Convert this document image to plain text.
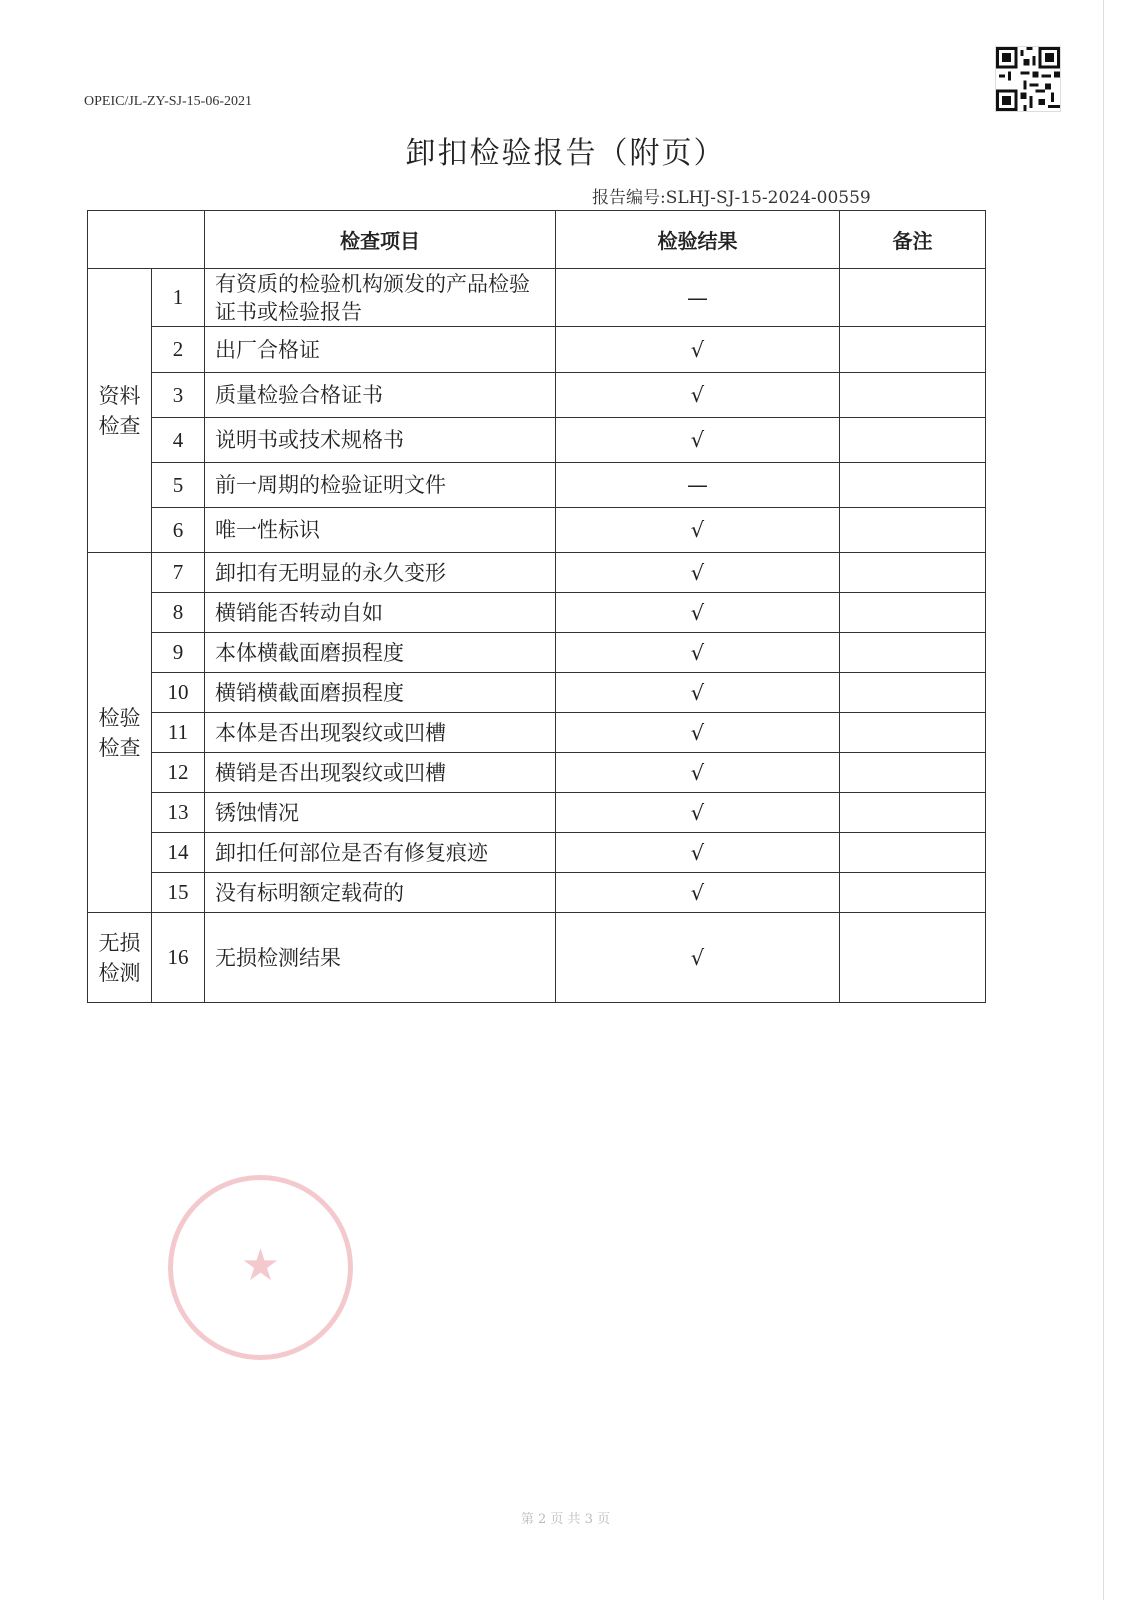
OPEIC/JL-ZY-SJ-15-06-2021
卸扣检验报告（附页）
报告编号:SLHJ-SJ-15-2024-00559
		检查项目	检验结果	备注

资料
检查	1	有资质的检验机构颁发的产品检验证书或检验报告	—	
	2	出厂合格证	√	
	3	质量检验合格证书	√	
	4	说明书或技术规格书	√	
	5	前一周期的检验证明文件	—	
	6	唯一性标识	√	

检验
检查	7	卸扣有无明显的永久变形	√	
	8	横销能否转动自如	√	
	9	本体横截面磨损程度	√	
	10	横销横截面磨损程度	√	
	11	本体是否出现裂纹或凹槽	√	
	12	横销是否出现裂纹或凹槽	√	
	13	锈蚀情况	√	
	14	卸扣任何部位是否有修复痕迹	√	
	15	没有标明额定载荷的	√	

无损
检测	16	无损检测结果	√	
★
第 2 页 共 3 页
